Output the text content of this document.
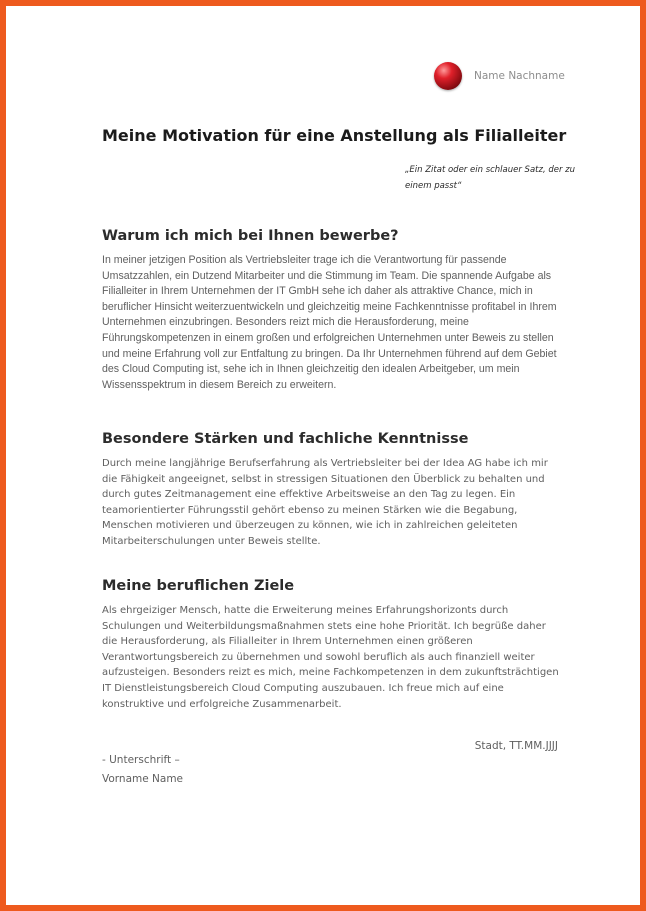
Name Nachname
Meine Motivation für eine Anstellung als Filialleiter
„Ein Zitat oder ein schlauer Satz, der zu einem passt“
Warum ich mich bei Ihnen bewerbe?

In meiner jetzigen Position als Vertriebsleiter trage ich die Verantwortung für passende Umsatzzahlen, ein Dutzend Mitarbeiter und die Stimmung im Team. Die spannende Aufgabe als Filialleiter in Ihrem Unternehmen der IT GmbH sehe ich daher als attraktive Chance, mich in beruflicher Hinsicht weiterzuentwickeln und gleichzeitig meine Fachkenntnisse profitabel in Ihrem Unternehmen einzubringen. Besonders reizt mich die Herausforderung, meine Führungskompetenzen in einem großen und erfolgreichen Unternehmen unter Beweis zu stellen und meine Erfahrung voll zur Entfaltung zu bringen. Da Ihr Unternehmen führend auf dem Gebiet des Cloud Computing ist, sehe ich in Ihnen gleichzeitig den idealen Arbeitgeber, um mein Wissensspektrum in diesem Bereich zu erweitern.

Besondere Stärken und fachliche Kenntnisse

Durch meine langjährige Berufserfahrung als Vertriebsleiter bei der Idea AG habe ich mir die Fähigkeit angeeignet, selbst in stressigen Situationen den Überblick zu behalten und durch gutes Zeitmanagement eine effektive Arbeitsweise an den Tag zu legen. Ein teamorientierter Führungsstil gehört ebenso zu meinen Stärken wie die Begabung, Menschen motivieren und überzeugen zu können, wie ich in zahlreichen geleiteten Mitarbeiterschulungen unter Beweis stellte.

Meine beruflichen Ziele

Als ehrgeiziger Mensch, hatte die Erweiterung meines Erfahrungshorizonts durch Schulungen und Weiterbildungsmaßnahmen stets eine hohe Priorität. Ich begrüße daher die Herausforderung, als Filialleiter in Ihrem Unternehmen einen größeren Verantwortungsbereich zu übernehmen und sowohl beruflich als auch finanziell weiter aufzusteigen. Besonders reizt es mich, meine Fachkompetenzen in dem zukunftsträchtigen IT Dienstleistungsbereich Cloud Computing auszubauen. Ich freue mich auf eine konstruktive und erfolgreiche Zusammenarbeit.

Stadt, TT.MM.JJJJ
- Unterschrift –
Vorname Name
